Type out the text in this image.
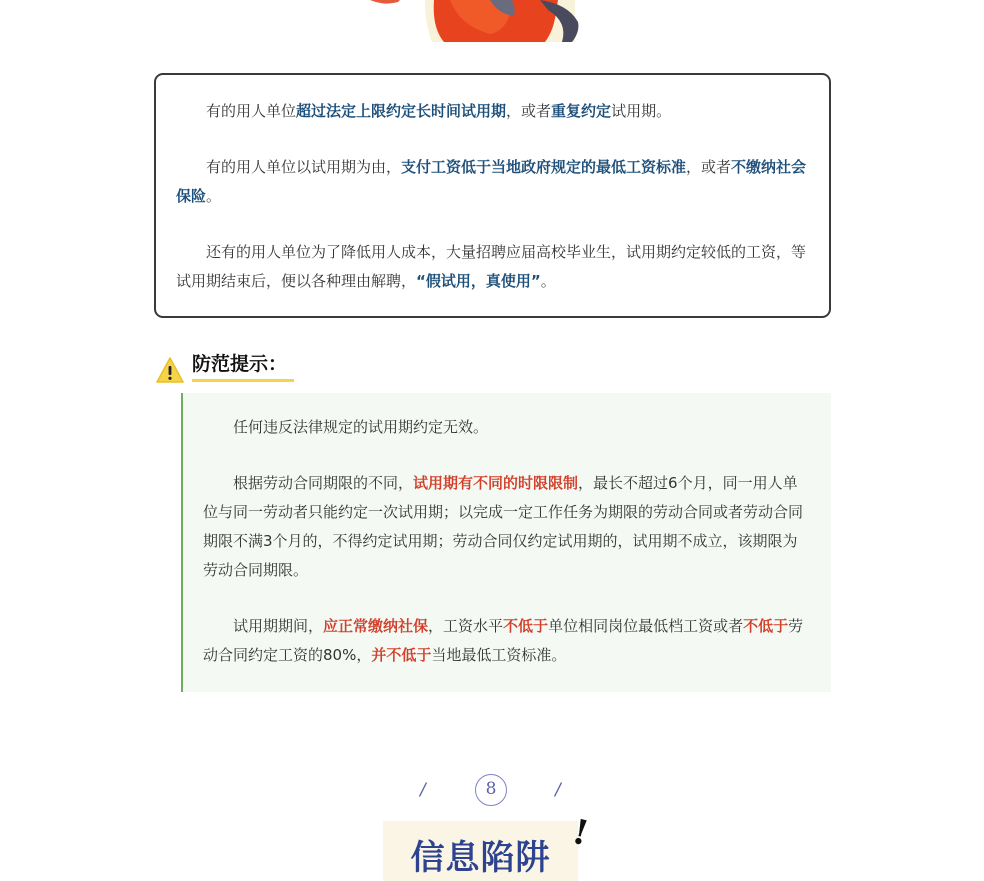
有的用人单位超过法定上限约定长时间试用期，或者重复约定试用期。

有的用人单位以试用期为由，支付工资低于当地政府规定的最低工资标准，或者不缴纳社会保险。

还有的用人单位为了降低用人成本，大量招聘应届高校毕业生，试用期约定较低的工资，等试用期结束后，便以各种理由解聘，“假试用，真使用”。

防范提示：

任何违反法律规定的试用期约定无效。

根据劳动合同期限的不同，试用期有不同的时限限制，最长不超过6个月，同一用人单位与同一劳动者只能约定一次试用期；以完成一定工作任务为期限的劳动合同或者劳动合同期限不满3个月的，不得约定试用期；劳动合同仅约定试用期的，试用期不成立，该期限为劳动合同期限。

试用期期间，应正常缴纳社保，工资水平不低于单位相同岗位最低档工资或者不低于劳动合同约定工资的80%，并不低于当地最低工资标准。

/	8	/
信息陷阱
!
